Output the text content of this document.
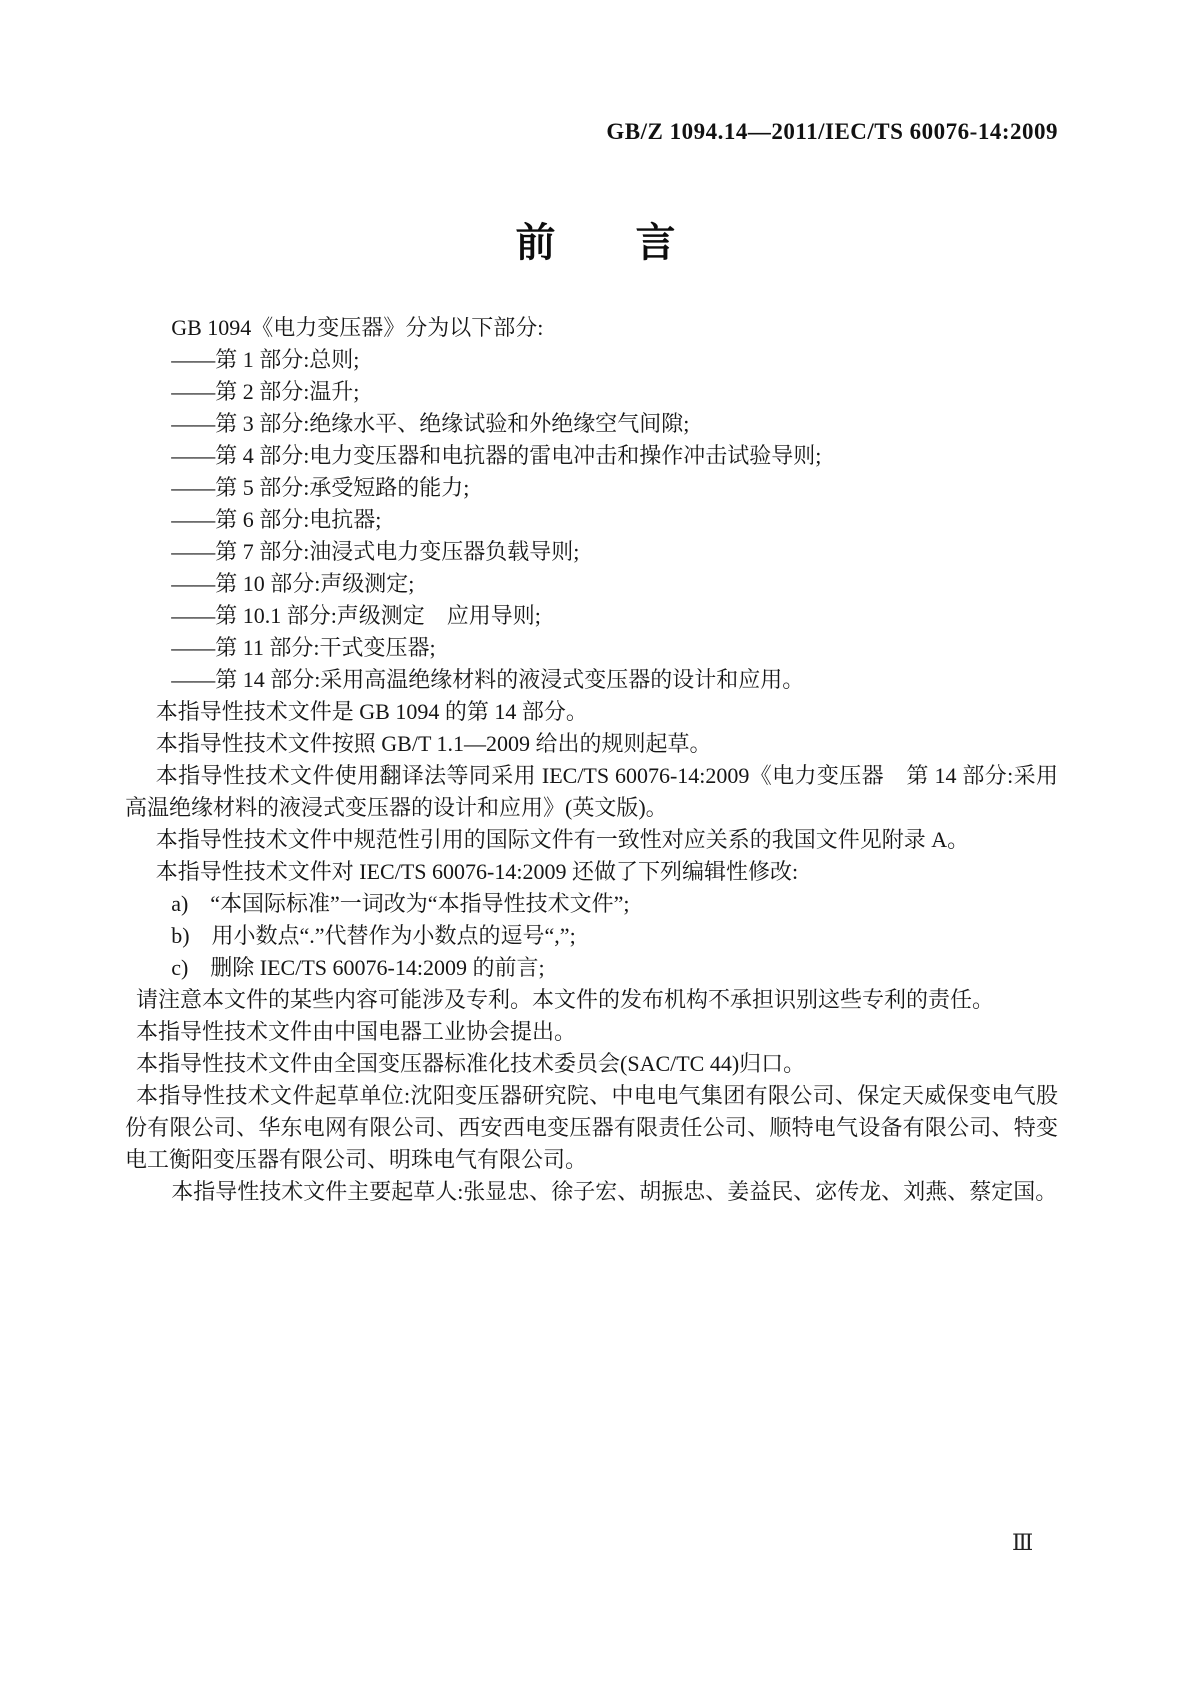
GB/Z 1094.14—2011/IEC/TS 60076-14:2009
前　　言

GB 1094《电力变压器》分为以下部分:

——第 1 部分:总则;

——第 2 部分:温升;

——第 3 部分:绝缘水平、绝缘试验和外绝缘空气间隙;

——第 4 部分:电力变压器和电抗器的雷电冲击和操作冲击试验导则;

——第 5 部分:承受短路的能力;

——第 6 部分:电抗器;

——第 7 部分:油浸式电力变压器负载导则;

——第 10 部分:声级测定;

——第 10.1 部分:声级测定　应用导则;

——第 11 部分:干式变压器;

——第 14 部分:采用高温绝缘材料的液浸式变压器的设计和应用。

本指导性技术文件是 GB 1094 的第 14 部分。

本指导性技术文件按照 GB/T 1.1—2009 给出的规则起草。

本指导性技术文件使用翻译法等同采用 IEC/TS 60076-14:2009《电力变压器　第 14 部分:采用高温绝缘材料的液浸式变压器的设计和应用》(英文版)。

本指导性技术文件中规范性引用的国际文件有一致性对应关系的我国文件见附录 A。

本指导性技术文件对 IEC/TS 60076-14:2009 还做了下列编辑性修改:

a)　“本国际标准”一词改为“本指导性技术文件”;

b)　用小数点“.”代替作为小数点的逗号“,”;

c)　删除 IEC/TS 60076-14:2009 的前言;

请注意本文件的某些内容可能涉及专利。本文件的发布机构不承担识别这些专利的责任。

本指导性技术文件由中国电器工业协会提出。

本指导性技术文件由全国变压器标准化技术委员会(SAC/TC 44)归口。

本指导性技术文件起草单位:沈阳变压器研究院、中电电气集团有限公司、保定天威保变电气股份有限公司、华东电网有限公司、西安西电变压器有限责任公司、顺特电气设备有限公司、特变电工衡阳变压器有限公司、明珠电气有限公司。

本指导性技术文件主要起草人:张显忠、徐子宏、胡振忠、姜益民、宓传龙、刘燕、蔡定国。

Ⅲ
